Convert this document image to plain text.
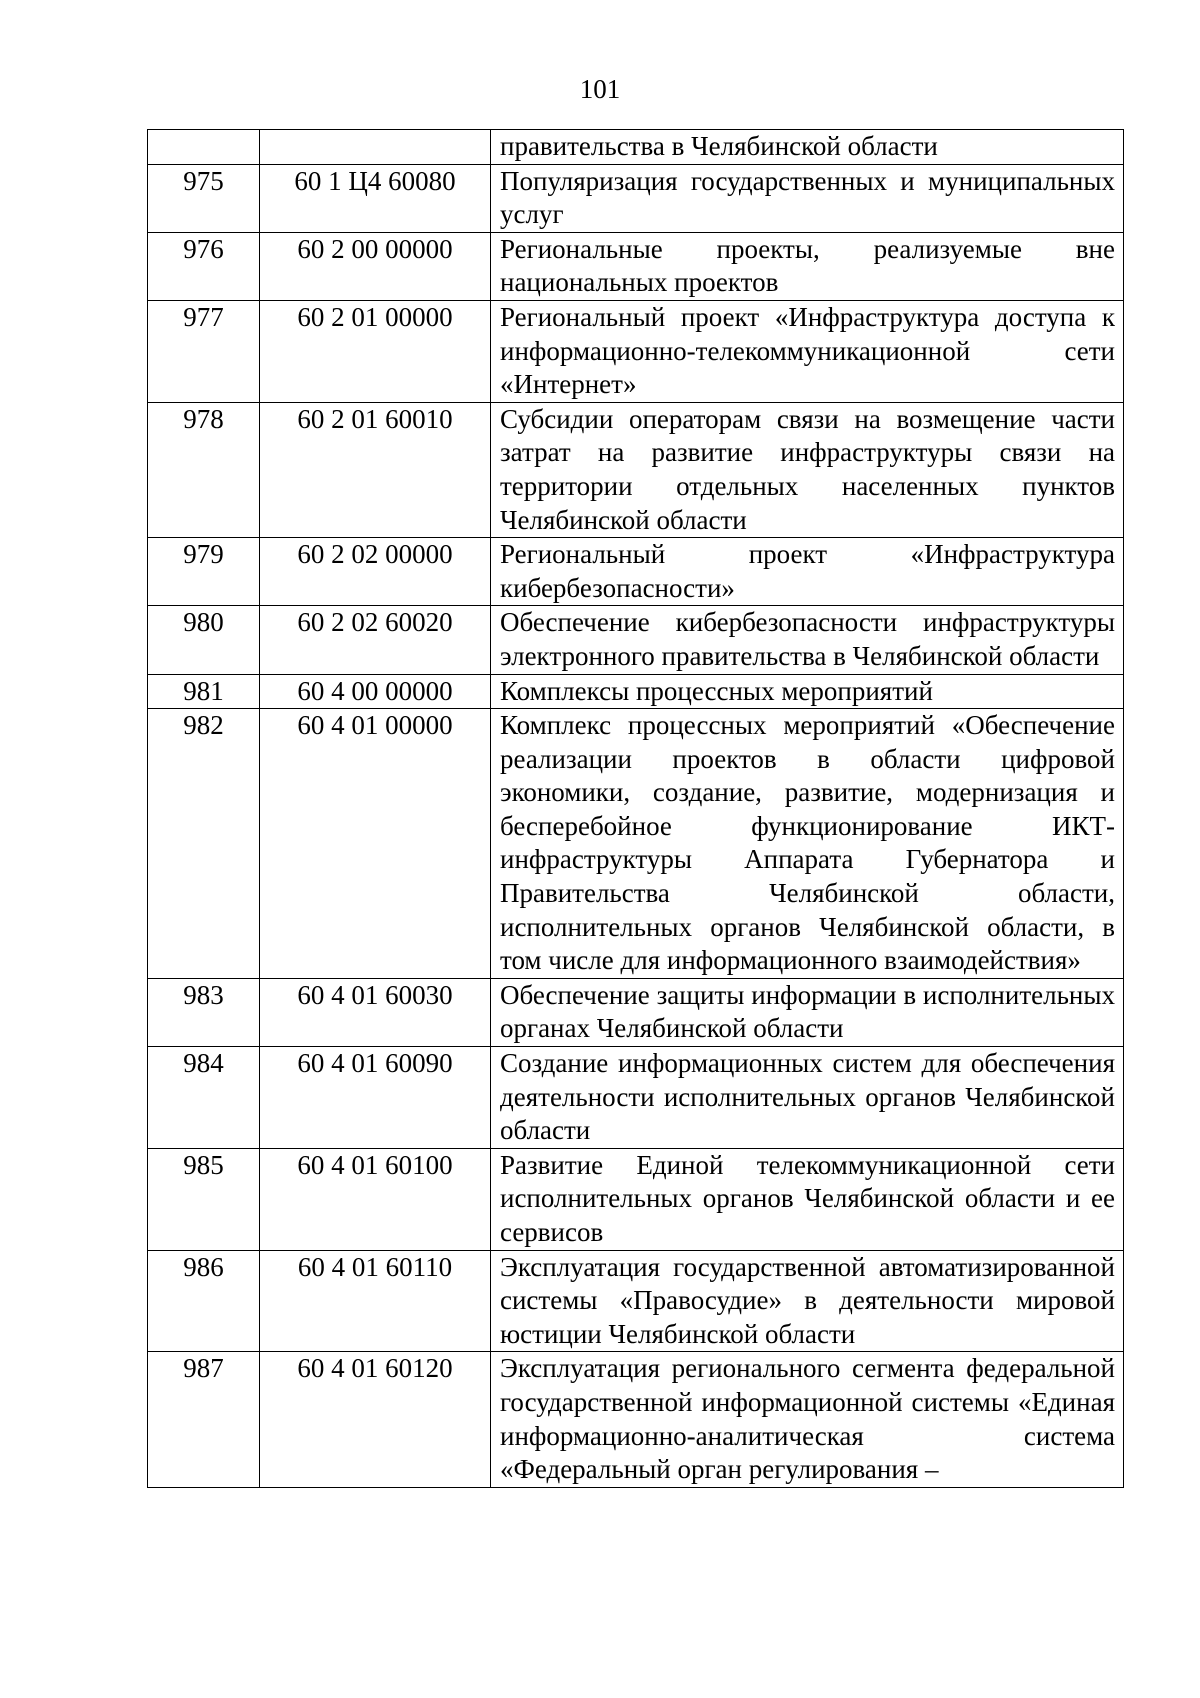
101
		правительства в Челябинской области
975	60 1 Ц4 60080	Популяризация государственных и муниципальных услуг
976	60 2 00 00000	Региональные проекты, реализуемые вне национальных проектов
977	60 2 01 00000	Региональный проект «Инфраструктура доступа к информационно-телекоммуникационной сети «Интернет»
978	60 2 01 60010	Субсидии операторам связи на возмещение части затрат на развитие инфраструктуры связи на территории отдельных населенных пунктов Челябинской области
979	60 2 02 00000	Региональный проект «Инфраструктура кибербезопасности»
980	60 2 02 60020	Обеспечение кибербезопасности инфраструктуры электронного правительства в Челябинской области
981	60 4 00 00000	Комплексы процессных мероприятий
982	60 4 01 00000	Комплекс процессных мероприятий «Обеспечение реализации проектов в области цифровой экономики, создание, развитие, модернизация и бесперебойное функционирование ИКТ-инфраструктуры Аппарата Губернатора и Правительства Челябинской области, исполнительных органов Челябинской области, в том числе для информационного взаимодействия»
983	60 4 01 60030	Обеспечение защиты информации в исполнительных органах Челябинской области
984	60 4 01 60090	Создание информационных систем для обеспечения деятельности исполнительных органов Челябинской области
985	60 4 01 60100	Развитие Единой телекоммуникационной сети исполнительных органов Челябинской области и ее сервисов
986	60 4 01 60110	Эксплуатация государственной автоматизированной системы «Правосудие» в деятельности мировой юстиции Челябинской области
987	60 4 01 60120	Эксплуатация регионального сегмента федеральной государственной информационной системы «Единая информационно-аналитическая система «Федеральный орган регулирования –
